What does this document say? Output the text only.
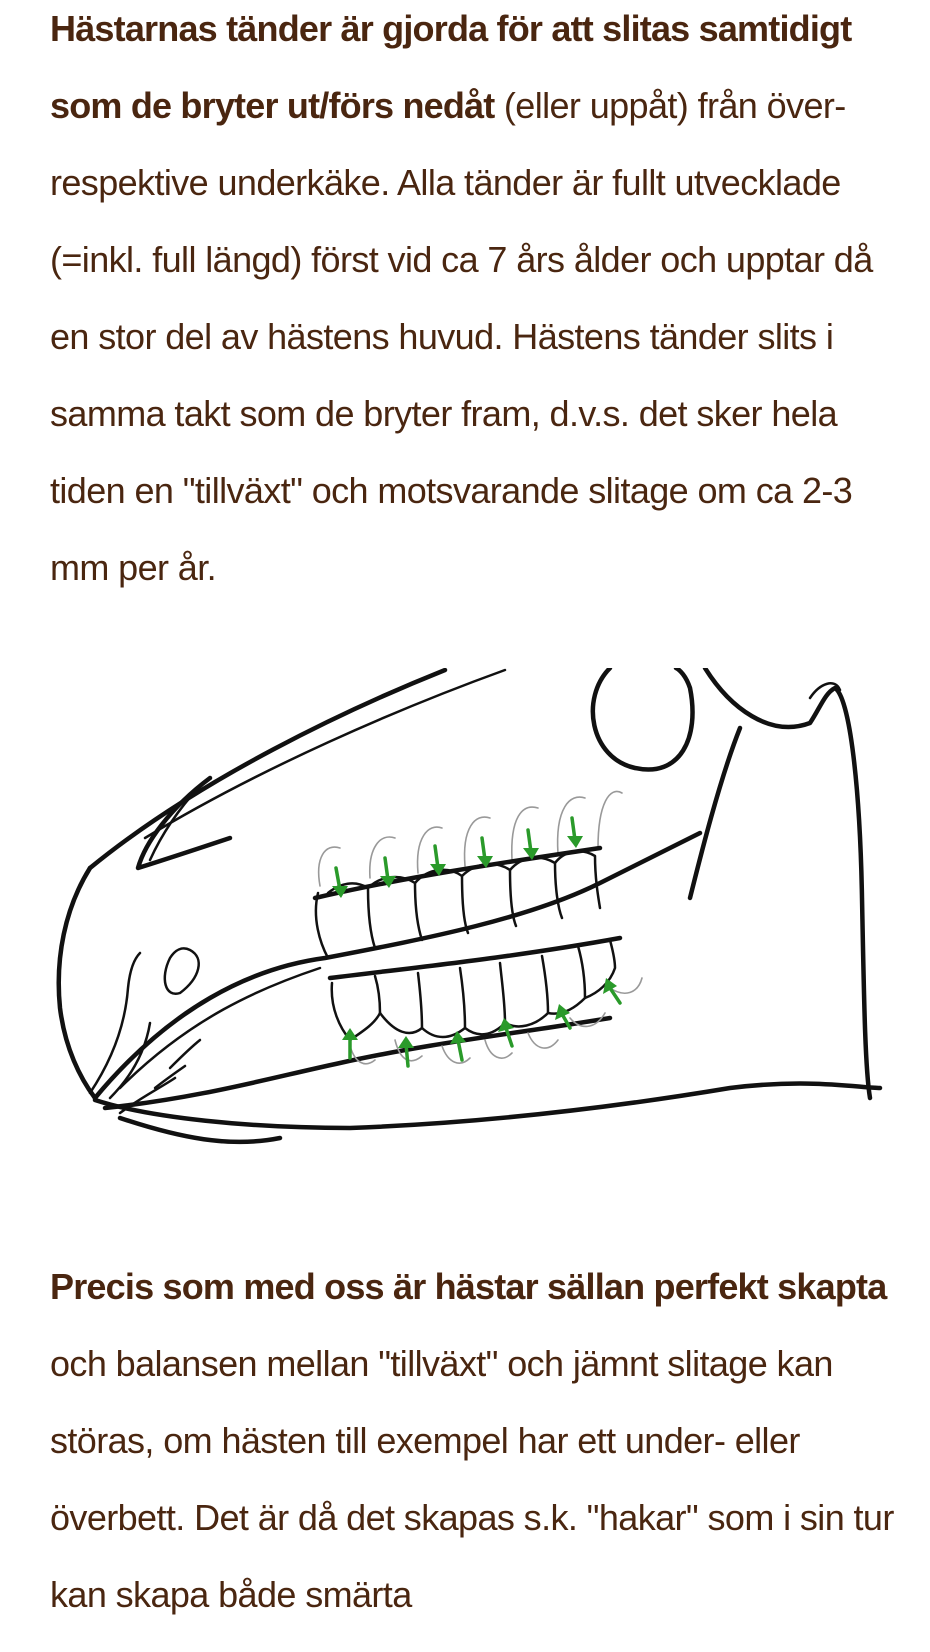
Hästarnas tänder är gjorda för att slitas samtidigt som de bryter ut/förs nedåt (eller uppåt) från över- respektive underkäke. Alla tänder är fullt utvecklade (=inkl. full längd) först vid ca 7 års ålder och upptar då en stor del av hästens huvud. Hästens tänder slits i samma takt som de bryter fram, d.v.s. det sker hela tiden en "tillväxt" och motsvarande slitage om ca 2-3 mm per år.

Precis som med oss är hästar sällan perfekt skapta och balansen mellan "tillväxt" och jämnt slitage kan störas, om hästen till exempel har ett under- eller överbett. Det är då det skapas s.k. "hakar" som i sin tur kan skapa både smärta
